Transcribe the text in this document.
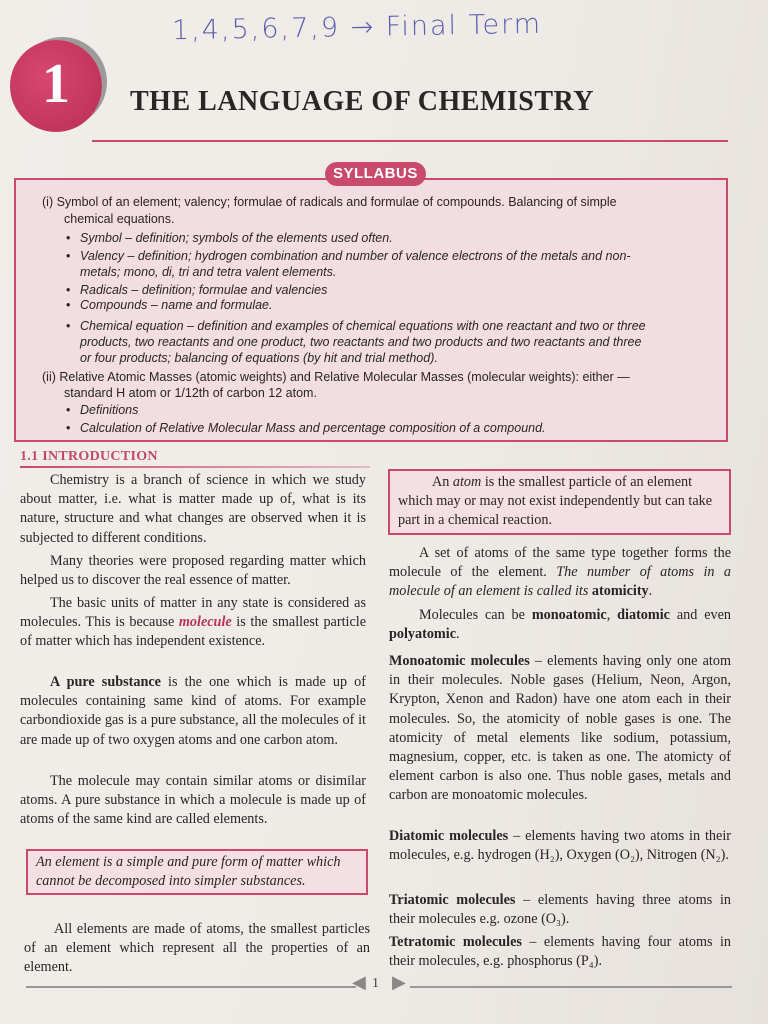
1,4,5,6,7,9 → Final Term
1	THE LANGUAGE OF CHEMISTRY
SYLLABUS
(i) Symbol of an element; valency; formulae of radicals and formulae of compounds. Balancing of simple
chemical equations.
• Symbol – definition; symbols of the elements used often.
• Valency – definition; hydrogen combination and number of valence electrons of the metals and non-
metals; mono, di, tri and tetra valent elements.
• Radicals – definition; formulae and valencies
• Compounds – name and formulae.
• Chemical equation – definition and examples of chemical equations with one reactant and two or three
products, two reactants and one product, two reactants and two products and two reactants and three
or four products; balancing of equations (by hit and trial method).
(ii) Relative Atomic Masses (atomic weights) and Relative Molecular Masses (molecular weights): either —
standard H atom or 1/12th of carbon 12 atom.
• Definitions
• Calculation of Relative Molecular Mass and percentage composition of a compound.
1.1 INTRODUCTION
Chemistry is a branch of science in which we study about matter, i.e. what is matter made up of, what is its nature, structure and what changes are observed when it is subjected to different conditions.
Many theories were proposed regarding matter which helped us to discover the real essence of matter.
The basic units of matter in any state is considered as molecules. This is because molecule is the smallest particle of matter which has independent existence.
A pure substance is the one which is made up of molecules containing same kind of atoms. For example carbondioxide gas is a pure substance, all the molecules of it are made up of two oxygen atoms and one carbon atom.
The molecule may contain similar atoms or disimilar atoms. A pure substance in which a molecule is made up of atoms of the same kind are called elements.
An element is a simple and pure form of matter which cannot be decomposed into simpler substances.
All elements are made of atoms, the smallest particles of an element which represent all the properties of an element.
An atom is the smallest particle of an element which may or may not exist independently but can take part in a chemical reaction.
A set of atoms of the same type together forms the molecule of the element. The number of atoms in a molecule of an element is called its atomicity.
Molecules can be monoatomic, diatomic and even polyatomic.
Monoatomic molecules – elements having only one atom in their molecules. Noble gases (Helium, Neon, Argon, Krypton, Xenon and Radon) have one atom each in their molecules. So, the atomicity of noble gases is one. The atomicity of metal elements like sodium, potassium, magnesium, copper, etc. is taken as one. The atomicty of element carbon is also one. Thus noble gases, metals and carbon are monoatomic molecules.
Diatomic molecules – elements having two atoms in their molecules, e.g. hydrogen (H₂), Oxygen (O₂), Nitrogen (N₂).
Triatomic molecules – elements having three atoms in their molecules e.g. ozone (O₃).
Tetratomic molecules – elements having four atoms in their molecules, e.g. phosphorus (P₄).
◀ 1 ▶
